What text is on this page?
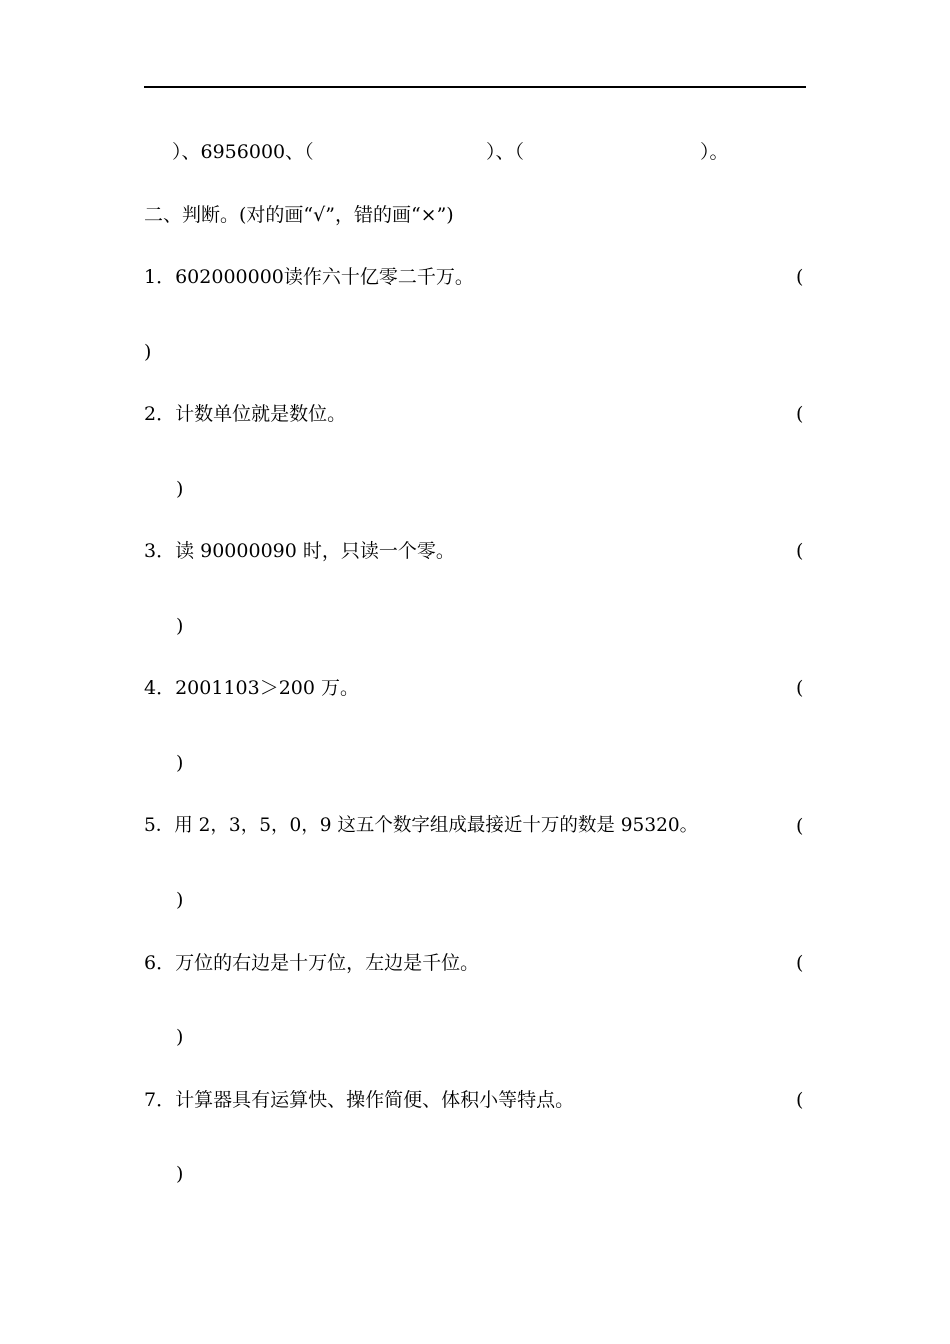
）、6956000、（	）、（	）。
二、判断。(对的画“√”，错的画“×”)
1．602000000读作六十亿零二千万。	(
)
2．计数单位就是数位。	(
)
3．读 90000090 时，只读一个零。	(
)
4．2001103＞200 万。	(
)
5．用 2，3，5，0，9 这五个数字组成最接近十万的数是 95320。	(
)
6．万位的右边是十万位，左边是千位。	(
)
7．计算器具有运算快、操作简便、体积小等特点。	(
)
